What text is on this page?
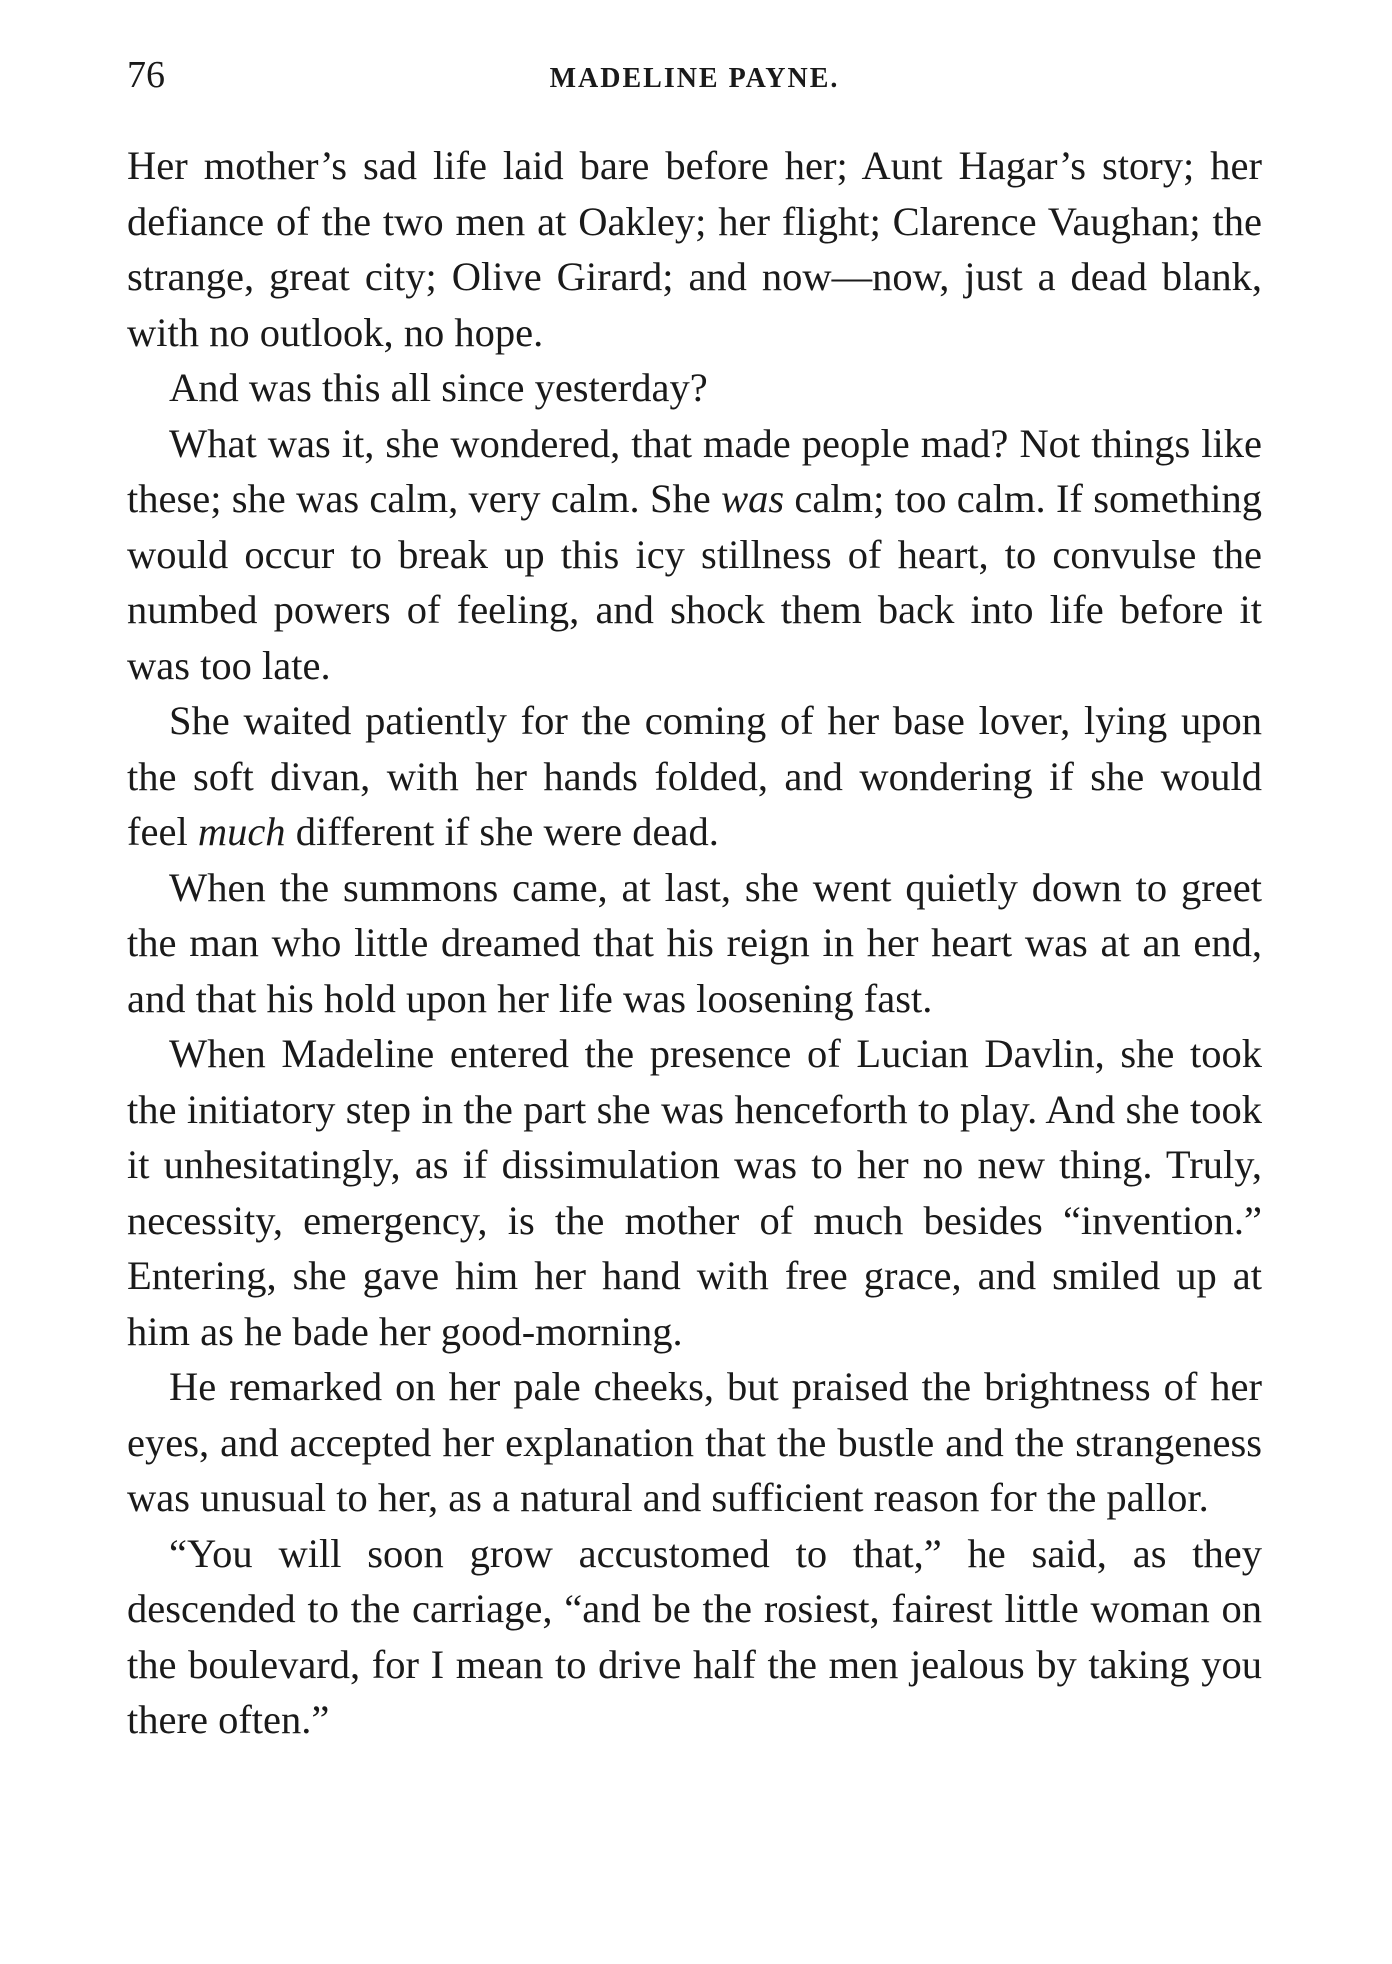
76	MADELINE PAYNE.

Her mother’s sad life laid bare before her; Aunt Hagar’s story; her defiance of the two men at Oakley; her flight; Clarence Vaughan; the strange, great city; Olive Girard; and now—now, just a dead blank, with no outlook, no hope.

And was this all since yesterday?

What was it, she wondered, that made people mad? Not things like these; she was calm, very calm. She was calm; too calm. If something would occur to break up this icy stillness of heart, to convulse the numbed powers of feeling, and shock them back into life before it was too late.

She waited patiently for the coming of her base lover, lying upon the soft divan, with her hands folded, and wondering if she would feel much different if she were dead.

When the summons came, at last, she went quietly down to greet the man who little dreamed that his reign in her heart was at an end, and that his hold upon her life was loosening fast.

When Madeline entered the presence of Lucian Davlin, she took the initiatory step in the part she was henceforth to play. And she took it unhesitatingly, as if dissimulation was to her no new thing. Truly, necessity, emergency, is the mother of much besides “invention.” Entering, she gave him her hand with free grace, and smiled up at him as he bade her good-morning.

He remarked on her pale cheeks, but praised the brightness of her eyes, and accepted her explanation that the bustle and the strangeness was unusual to her, as a natural and sufficient reason for the pallor.

“You will soon grow accustomed to that,” he said, as they descended to the carriage, “and be the rosiest, fairest little woman on the boulevard, for I mean to drive half the men jealous by taking you there often.”
